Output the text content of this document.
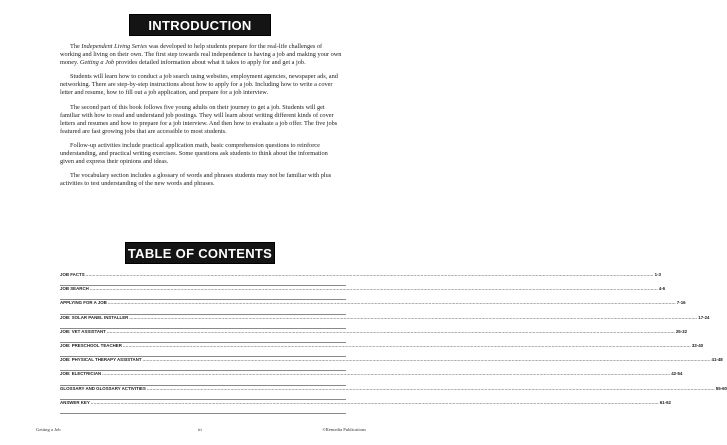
INTRODUCTION

The Independent Living Series was developed to help students prepare for the real-life challenges of working and living on their own. The first step towards real independence is having a job and making your own money. Getting a Job provides detailed information about what it takes to apply for and get a job.

Students will learn how to conduct a job search using websites, employment agencies, newspaper ads, and networking. There are step-by-step instructions about how to apply for a job. Including how to write a cover letter and resume, how to fill out a job application, and prepare for a job interview.

The second part of this book follows five young adults on their journey to get a job. Students will get familiar with how to read and understand job postings. They will learn about writing different kinds of cover letters and resumes and how to prepare for a job interview. And then how to evaluate a job offer. The five jobs featured are fast growing jobs that are accessible to most students.

Follow-up activities include practical application math, basic comprehension questions to reinforce understanding, and practical writing exercises. Some questions ask students to think about the information given and express their opinions and ideas.

The vocabulary section includes a glossary of words and phrases students may not be familiar with plus activities to test understanding of the new words and phrases.

TABLE OF CONTENTS
JOB FACTS ................................................................................................................................................................................................................................................................................................................................................................................................................ 1-3
JOB SEARCH ................................................................................................................................................................................................................................................................................................................................................................................................................ 4-6
APPLYING FOR A JOB ................................................................................................................................................................................................................................................................................................................................................................................................................ 7-16
JOB: SOLAR PANEL INSTALLER ................................................................................................................................................................................................................................................................................................................................................................................................................ 17-24
JOB: VET ASSISTANT ................................................................................................................................................................................................................................................................................................................................................................................................................ 25-32
JOB: PRESCHOOL TEACHER ................................................................................................................................................................................................................................................................................................................................................................................................................ 33-40
JOB: PHYSICAL THERAPY ASSISTANT ................................................................................................................................................................................................................................................................................................................................................................................................................ 41-48
JOB: ELECTRICIAN ................................................................................................................................................................................................................................................................................................................................................................................................................ 42-54
GLOSSARY AND GLOSSARY ACTIVITIES ................................................................................................................................................................................................................................................................................................................................................................................................................ 55-60
ANSWER KEY ................................................................................................................................................................................................................................................................................................................................................................................................................ 61-62
Getting a Job	iii	©Remedia Publications
